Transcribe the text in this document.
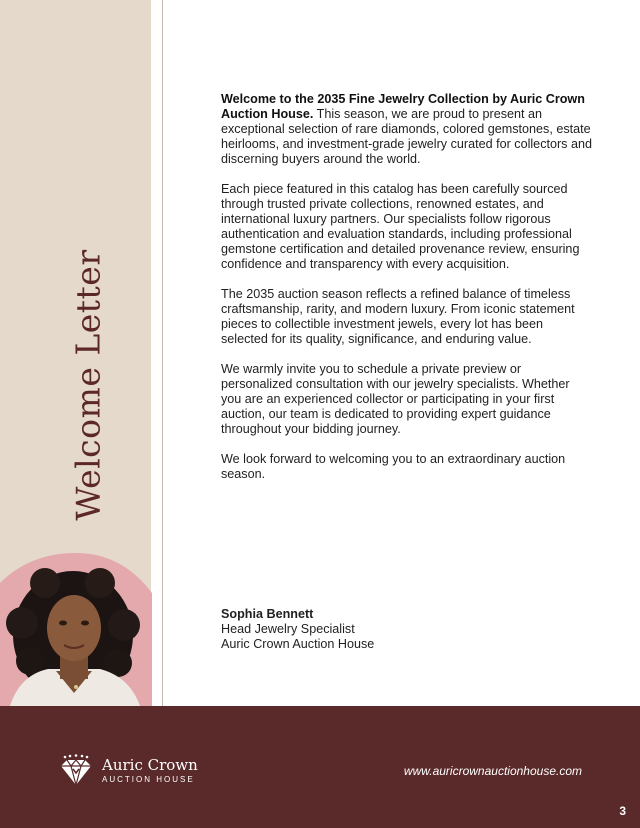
Welcome Letter

Welcome to the 2035 Fine Jewelry Collection by Auric Crown Auction House. This season, we are proud to present an exceptional selection of rare diamonds, colored gemstones, estate heirlooms, and investment-grade jewelry curated for collectors and discerning buyers around the world.

Each piece featured in this catalog has been carefully sourced through trusted private collections, renowned estates, and international luxury partners. Our specialists follow rigorous authentication and evaluation standards, including professional gemstone certification and detailed provenance review, ensuring confidence and transparency with every acquisition.

The 2035 auction season reflects a refined balance of timeless craftsmanship, rarity, and modern luxury. From iconic statement pieces to collectible investment jewels, every lot has been selected for its quality, significance, and enduring value.

We warmly invite you to schedule a private preview or personalized consultation with our jewelry specialists. Whether you are an experienced collector or participating in your first auction, our team is dedicated to providing expert guidance throughout your bidding journey.

We look forward to welcoming you to an extraordinary auction season.

Sophia Bennett
Head Jewelry Specialist
Auric Crown Auction House
Auric Crown
AUCTION HOUSE
www.auricrownauctionhouse.com
3
